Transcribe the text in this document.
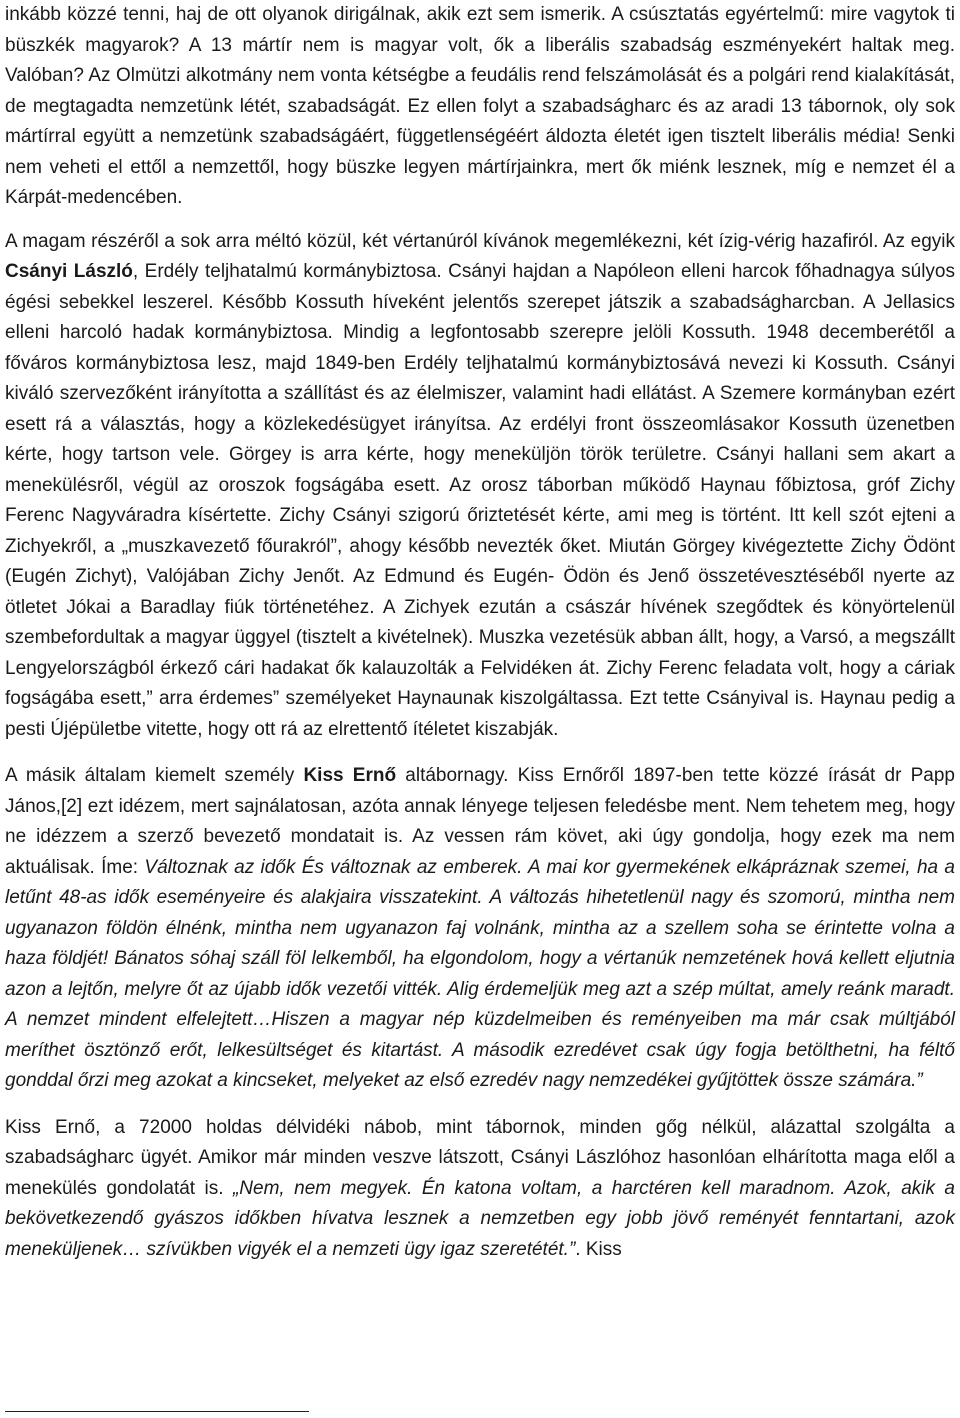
inkább közzé tenni, haj de ott olyanok dirigálnak, akik ezt sem ismerik. A csúsztatás egyértelmű: mire vagytok ti büszkék magyarok? A 13 mártír nem is magyar volt, ők a liberális szabadság eszményekért haltak meg. Valóban? Az Olmützi alkotmány nem vonta kétségbe a feudális rend felszámolását és a polgári rend kialakítását, de megtagadta nemzetünk létét, szabadságát. Ez ellen folyt a szabadságharc és az aradi 13 tábornok, oly sok mártírral együtt a nemzetünk szabadságáért, függetlenségéért áldozta életét igen tisztelt liberális média! Senki nem veheti el ettől a nemzettől, hogy büszke legyen mártírjainkra, mert ők miénk lesznek, míg e nemzet él a Kárpát-medencében.

A magam részéről a sok arra méltó közül, két vértanúról kívánok megemlékezni, két ízig-vérig hazafiról. Az egyik Csányi László, Erdély teljhatalmú kormánybiztosa. Csányi hajdan a Napóleon elleni harcok főhadnagya súlyos égési sebekkel leszerel. Később Kossuth híveként jelentős szerepet játszik a szabadságharcban. A Jellasics elleni harcoló hadak kormánybiztosa. Mindig a legfontosabb szerepre jelöli Kossuth. 1948 decemberétől a főváros kormánybiztosa lesz, majd 1849-ben Erdély teljhatalmú kormánybiztosává nevezi ki Kossuth. Csányi kiváló szervezőként irányította a szállítást és az élelmiszer, valamint hadi ellátást. A Szemere kormányban ezért esett rá a választás, hogy a közlekedésügyet irányítsa. Az erdélyi front összeomlásakor Kossuth üzenetben kérte, hogy tartson vele. Görgey is arra kérte, hogy meneküljön török területre. Csányi hallani sem akart a menekülésről, végül az oroszok fogságába esett. Az orosz táborban működő Haynau főbiztosa, gróf Zichy Ferenc Nagyváradra kísértette. Zichy Csányi szigorú őriztetését kérte, ami meg is történt. Itt kell szót ejteni a Zichyekről, a „muszkavezető főurakról”, ahogy később nevezték őket. Miután Görgey kivégeztette Zichy Ödönt (Eugén Zichyt), Valójában Zichy Jenőt. Az Edmund és Eugén- Ödön és Jenő összetévesztéséből nyerte az ötletet Jókai a Baradlay fiúk történetéhez. A Zichyek ezután a császár hívének szegődtek és könyörtelenül szembefordultak a magyar üggyel (tisztelt a kivételnek). Muszka vezetésük abban állt, hogy, a Varsó, a megszállt Lengyelországból érkező cári hadakat ők kalauzolták a Felvidéken át. Zichy Ferenc feladata volt, hogy a cáriak fogságába esett,” arra érdemes” személyeket Haynaunak kiszolgáltassa. Ezt tette Csányival is. Haynau pedig a pesti Újépületbe vitette, hogy ott rá az elrettentő ítéletet kiszabják.

A másik általam kiemelt személy Kiss Ernő altábornagy. Kiss Ernőről 1897-ben tette közzé írását dr Papp János,[2] ezt idézem, mert sajnálatosan, azóta annak lényege teljesen feledésbe ment. Nem tehetem meg, hogy ne idézzem a szerző bevezető mondatait is. Az vessen rám követ, aki úgy gondolja, hogy ezek ma nem aktuálisak. Íme: Változnak az idők És változnak az emberek. A mai kor gyermekének elkápráznak szemei, ha a letűnt 48-as idők eseményeire és alakjaira visszatekint. A változás hihetetlenül nagy és szomorú, mintha nem ugyanazon földön élnénk, mintha nem ugyanazon faj volnánk, mintha az a szellem soha se érintette volna a haza földjét! Bánatos sóhaj száll föl lelkemből, ha elgondolom, hogy a vértanúk nemzetének hová kellett eljutnia azon a lejtőn, melyre őt az újabb idők vezetői vitték. Alig érdemeljük meg azt a szép múltat, amely reánk maradt. A nemzet mindent elfelejtett…Hiszen a magyar nép küzdelmeiben és reményeiben ma már csak múltjából meríthet ösztönző erőt, lelkesültséget és kitartást. A második ezredévet csak úgy fogja betölthetni, ha féltő gonddal őrzi meg azokat a kincseket, melyeket az első ezredév nagy nemzedékei gyűjtöttek össze számára.”

Kiss Ernő, a 72000 holdas délvidéki nábob, mint tábornok, minden gőg nélkül, alázattal szolgálta a szabadságharc ügyét. Amikor már minden veszve látszott, Csányi Lászlóhoz hasonlóan elhárította maga elől a menekülés gondolatát is. „Nem, nem megyek. Én katona voltam, a harctéren kell maradnom. Azok, akik a bekövetkezendő gyászos időkben hívatva lesznek a nemzetben egy jobb jövő reményét fenntartani, azok meneküljenek… szívükben vigyék el a nemzeti ügy igaz szeretétét.”. Kiss
